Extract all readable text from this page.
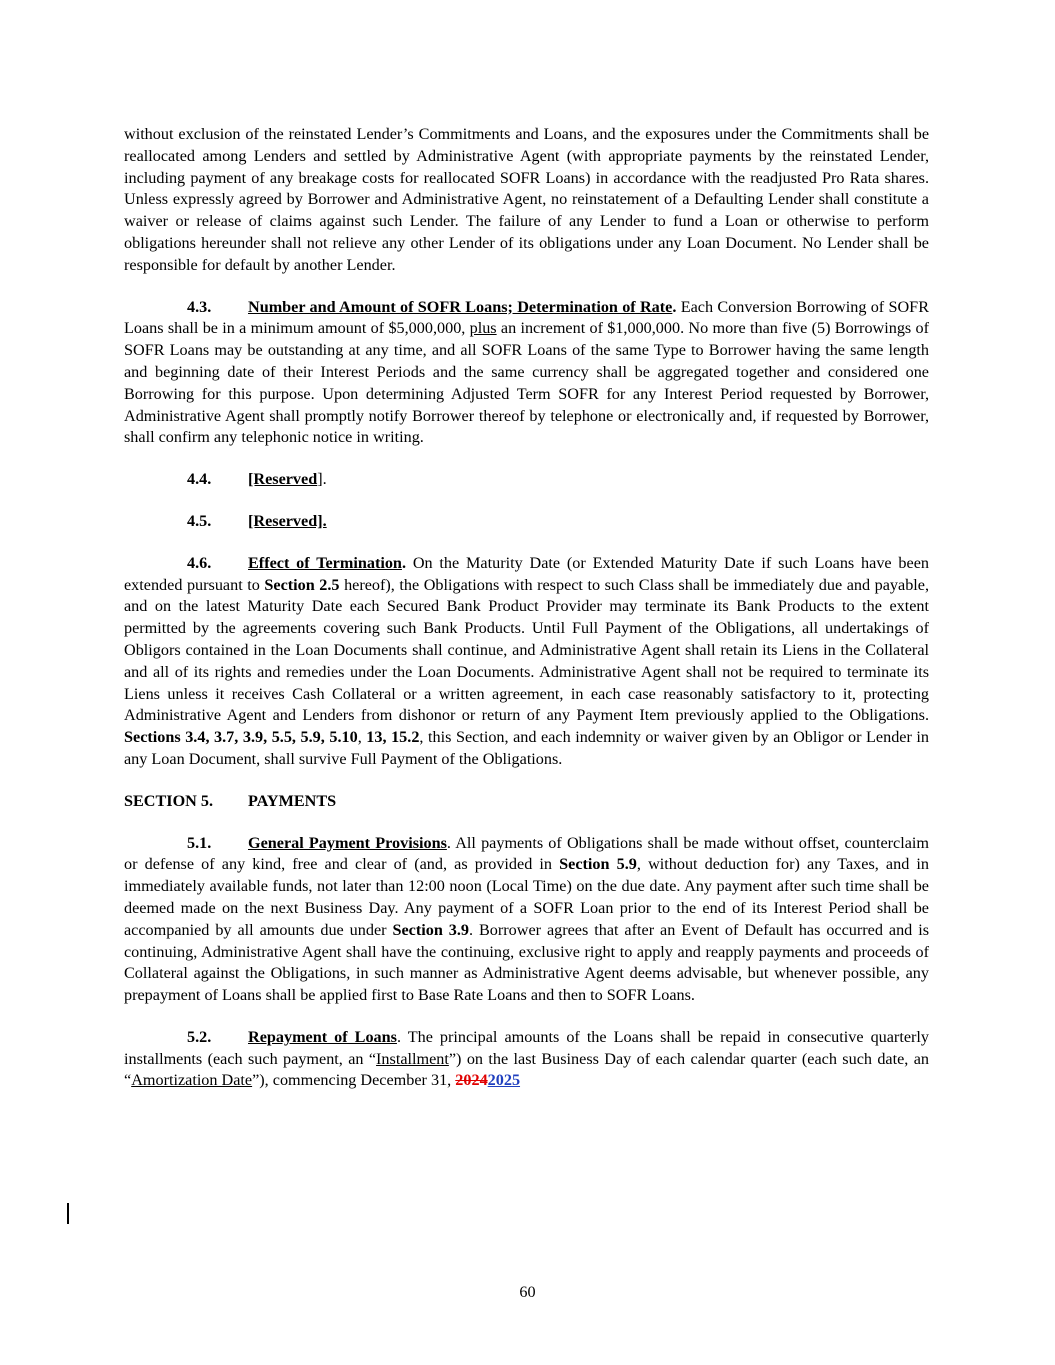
without exclusion of the reinstated Lender’s Commitments and Loans, and the exposures under the Commitments shall be reallocated among Lenders and settled by Administrative Agent (with appropriate payments by the reinstated Lender, including payment of any breakage costs for reallocated SOFR Loans) in accordance with the readjusted Pro Rata shares. Unless expressly agreed by Borrower and Administrative Agent, no reinstatement of a Defaulting Lender shall constitute a waiver or release of claims against such Lender. The failure of any Lender to fund a Loan or otherwise to perform obligations hereunder shall not relieve any other Lender of its obligations under any Loan Document. No Lender shall be responsible for default by another Lender.

4.3. Number and Amount of SOFR Loans; Determination of Rate. Each Conversion Borrowing of SOFR Loans shall be in a minimum amount of $5,000,000, plus an increment of $1,000,000. No more than five (5) Borrowings of SOFR Loans may be outstanding at any time, and all SOFR Loans of the same Type to Borrower having the same length and beginning date of their Interest Periods and the same currency shall be aggregated together and considered one Borrowing for this purpose. Upon determining Adjusted Term SOFR for any Interest Period requested by Borrower, Administrative Agent shall promptly notify Borrower thereof by telephone or electronically and, if requested by Borrower, shall confirm any telephonic notice in writing.

4.4. [Reserved].

4.5. [Reserved].

4.6. Effect of Termination. On the Maturity Date (or Extended Maturity Date if such Loans have been extended pursuant to Section 2.5 hereof), the Obligations with respect to such Class shall be immediately due and payable, and on the latest Maturity Date each Secured Bank Product Provider may terminate its Bank Products to the extent permitted by the agreements covering such Bank Products. Until Full Payment of the Obligations, all undertakings of Obligors contained in the Loan Documents shall continue, and Administrative Agent shall retain its Liens in the Collateral and all of its rights and remedies under the Loan Documents. Administrative Agent shall not be required to terminate its Liens unless it receives Cash Collateral or a written agreement, in each case reasonably satisfactory to it, protecting Administrative Agent and Lenders from dishonor or return of any Payment Item previously applied to the Obligations. Sections 3.4, 3.7, 3.9, 5.5, 5.9, 5.10, 13, 15.2, this Section, and each indemnity or waiver given by an Obligor or Lender in any Loan Document, shall survive Full Payment of the Obligations.

SECTION 5. PAYMENTS

5.1. General Payment Provisions. All payments of Obligations shall be made without offset, counterclaim or defense of any kind, free and clear of (and, as provided in Section 5.9, without deduction for) any Taxes, and in immediately available funds, not later than 12:00 noon (Local Time) on the due date. Any payment after such time shall be deemed made on the next Business Day. Any payment of a SOFR Loan prior to the end of its Interest Period shall be accompanied by all amounts due under Section 3.9. Borrower agrees that after an Event of Default has occurred and is continuing, Administrative Agent shall have the continuing, exclusive right to apply and reapply payments and proceeds of Collateral against the Obligations, in such manner as Administrative Agent deems advisable, but whenever possible, any prepayment of Loans shall be applied first to Base Rate Loans and then to SOFR Loans.

5.2. Repayment of Loans. The principal amounts of the Loans shall be repaid in consecutive quarterly installments (each such payment, an “Installment”) on the last Business Day of each calendar quarter (each such date, an “Amortization Date”), commencing December 31, 20242025

60
